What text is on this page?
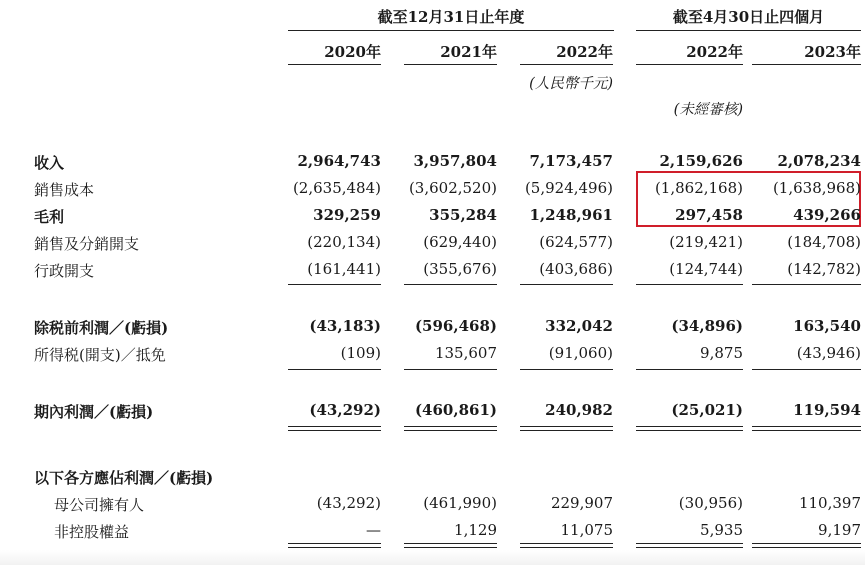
截至12月31日止年度	截至4月30日止四個月
2020年	2021年	2022年	2022年	2023年
(人民幣千元)
(未經審核)
收入	2,964,743	3,957,804	7,173,457	2,159,626	2,078,234
銷售成本	(2,635,484)	(3,602,520)	(5,924,496)	(1,862,168)	(1,638,968)
毛利	329,259	355,284	1,248,961	297,458	439,266
銷售及分銷開支	(220,134)	(629,440)	(624,577)	(219,421)	(184,708)
行政開支	(161,441)	(355,676)	(403,686)	(124,744)	(142,782)
除税前利潤／(虧損)	(43,183)	(596,468)	332,042	(34,896)	163,540
所得税(開支)／抵免	(109)	135,607	(91,060)	9,875	(43,946)
期內利潤／(虧損)	(43,292)	(460,861)	240,982	(25,021)	119,594
以下各方應佔利潤／(虧損)
母公司擁有人	(43,292)	(461,990)	229,907	(30,956)	110,397
非控股權益	—	1,129	11,075	5,935	9,197
